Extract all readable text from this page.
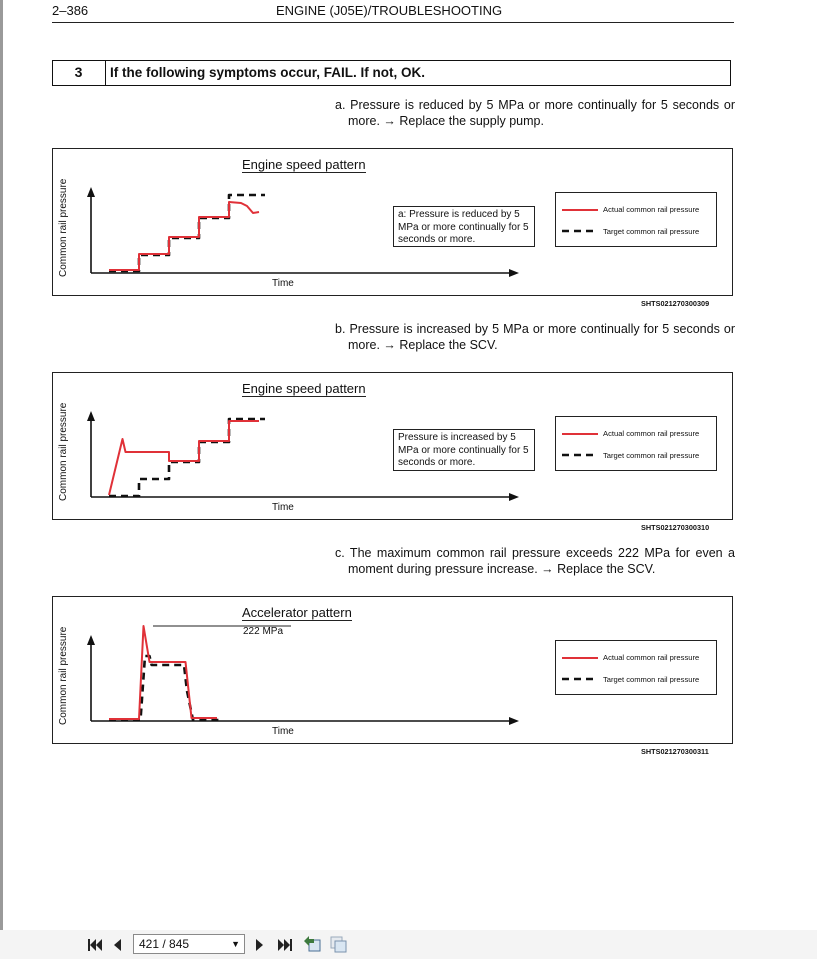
2–386	ENGINE (J05E)/TROUBLESHOOTING
3	If the following symptoms occur, FAIL. If not, OK.
a. Pressure is reduced by 5 MPa or more continually for 5 seconds or more. → Replace the supply pump.
b. Pressure is increased by 5 MPa or more continually for 5 seconds or more. → Replace the SCV.
c. The maximum common rail pressure exceeds 222 MPa for even a moment during pressure increase. → Replace the SCV.
Engine speed pattern
Common rail pressure
Time
a: Pressure is reduced by 5 MPa or more continually for 5 seconds or more.
Actual common rail pressure
Target common rail pressure
SHTS021270300309
Engine speed pattern
Common rail pressure
Time
Pressure is increased by 5 MPa or more continually for 5 seconds or more.
Actual common rail pressure
Target common rail pressure
SHTS021270300310
Accelerator pattern
222 MPa
Common rail pressure
Time
Actual common rail pressure
Target common rail pressure
SHTS021270300311
421 / 845	▼
